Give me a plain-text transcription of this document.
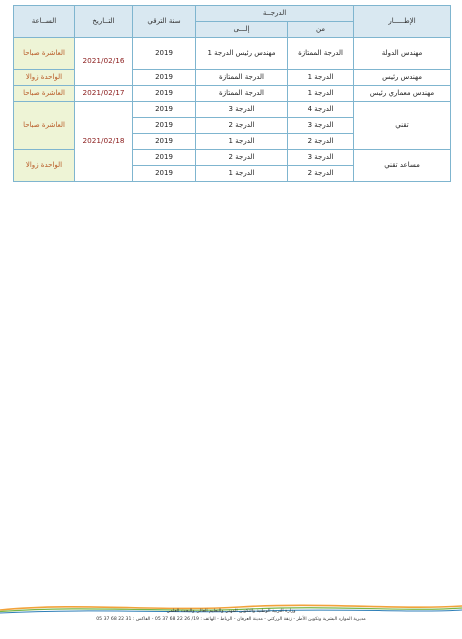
الإطـــــار	الدرجــة		سنة الترقي	التــاريخ	الســاعة
	من	إلـــى			
مهندس الدولة	الدرجة الممتازة	مهندس رئيس الدرجة 1	2019	2021/02/16	العاشرة صباحا
مهندس رئيس	الدرجة 1	الدرجة الممتازة	2019		الواحدة زوالا
مهندس معماري رئيس	الدرجة 1	الدرجة الممتازة	2019	2021/02/17	العاشرة صباحا
تقني	الدرجة 4	الدرجة 3	2019	2021/02/18	العاشرة صباحا
	الدرجة 3	الدرجة 2	2019		
	الدرجة 2	الدرجة 1	2019		
مساعد تقني	الدرجة 3	الدرجة 2	2019		الواحدة زوالا
	الدرجة 2	الدرجة 1	2019		
وزارة التربية الوطنية والتكوين المهني والتعليم العالي والبحث العلمي
مديرية الموارد البشرية وتكوين الأطر - زنقة الزركتي - مدينة العرفان - الرباط - الهاتف : 19/ 26 22 68 37 05 - الفاكس : 31 22 68 37 05
